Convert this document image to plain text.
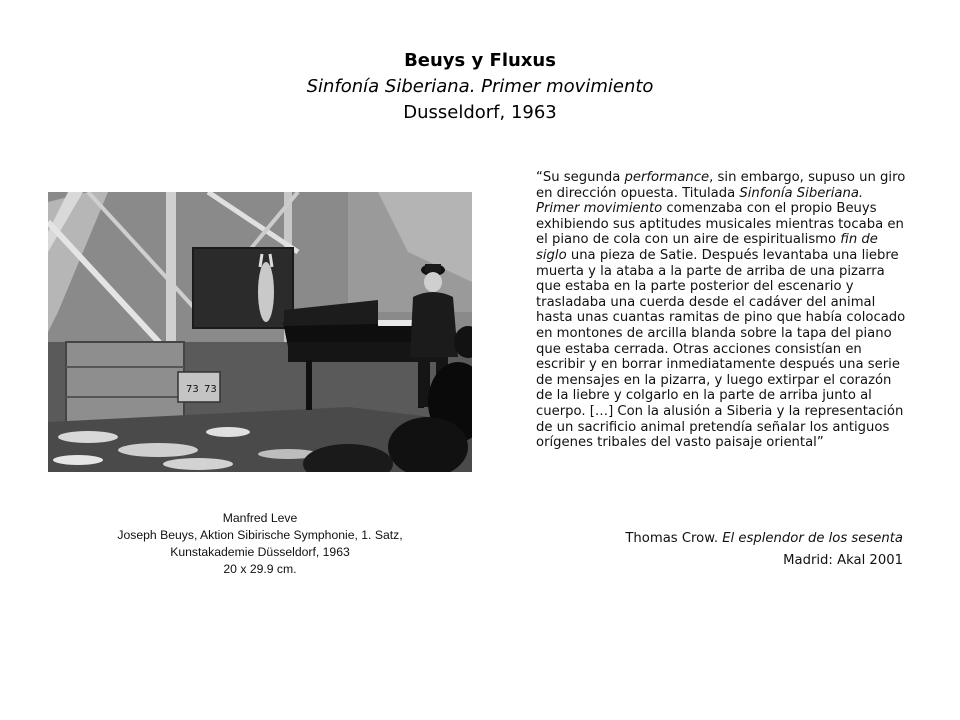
Beuys y Fluxus
Sinfonía Siberiana. Primer movimiento
Dusseldorf, 1963
73 73
Manfred Leve
Joseph Beuys, Aktion Sibirische Symphonie, 1. Satz,
Kunstakademie Düsseldorf, 1963
20 x 29.9 cm.
“Su segunda performance, sin embargo, supuso un giro en dirección opuesta. Titulada Sinfonía Siberiana. Primer movimiento comenzaba con el propio Beuys exhibiendo sus aptitudes musicales mientras tocaba en el piano de cola con un aire de espiritualismo fin de siglo una pieza de Satie. Después levantaba una liebre muerta y la ataba a la parte de arriba de una pizarra que estaba en la parte posterior del escenario y trasladaba una cuerda desde el cadáver del animal hasta unas cuantas ramitas de pino que había colocado en montones de arcilla blanda sobre la tapa del piano que estaba cerrada. Otras acciones consistían en escribir y en borrar inmediatamente después una serie de mensajes en la pizarra, y luego extirpar el corazón de la liebre y colgarlo en la parte de arriba junto al cuerpo. […] Con la alusión a Siberia y la representación de un sacrificio animal pretendía señalar los antiguos orígenes tribales del vasto paisaje oriental”
Thomas Crow. El esplendor de los sesenta
Madrid: Akal 2001
